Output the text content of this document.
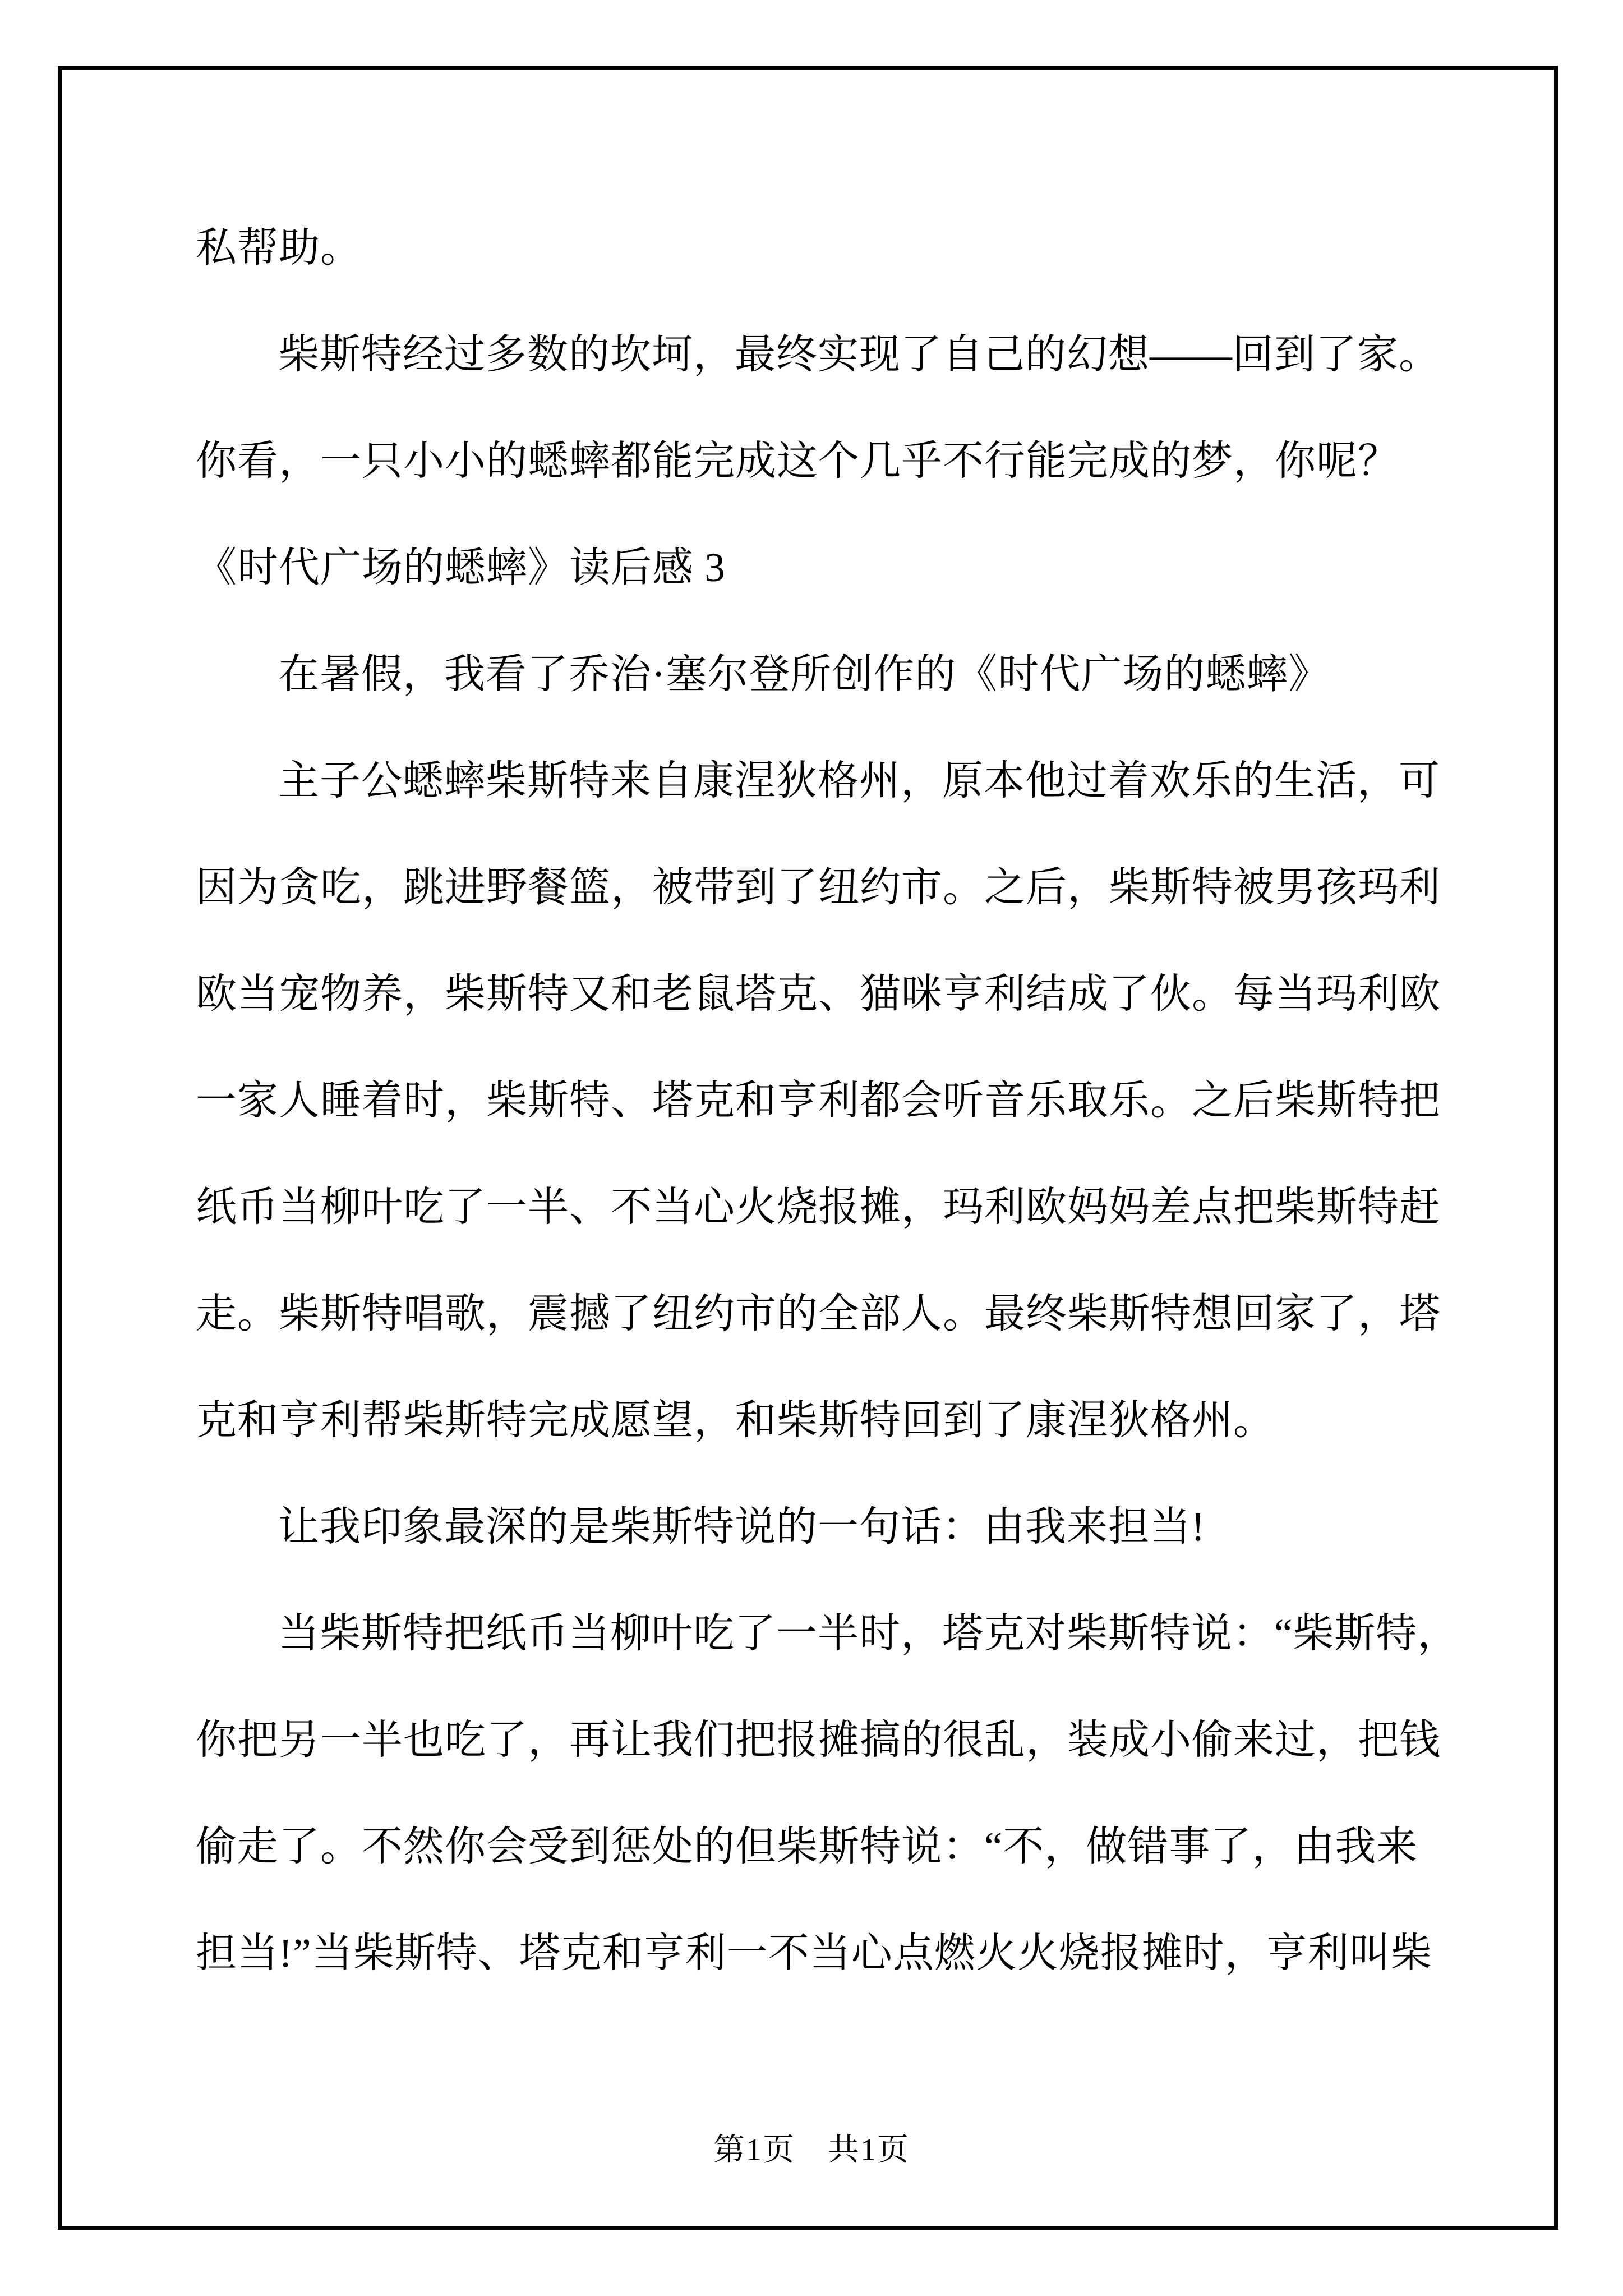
私帮助。
柴斯特经过多数的坎坷，最终实现了自己的幻想——回到了家。
你看，一只小小的蟋蟀都能完成这个几乎不行能完成的梦，你呢？
《时代广场的蟋蟀》读后感 3
在暑假，我看了乔治·塞尔登所创作的《时代广场的蟋蟀》
主子公蟋蟀柴斯特来自康涅狄格州，原本他过着欢乐的生活，可
因为贪吃，跳进野餐篮，被带到了纽约市。之后，柴斯特被男孩玛利
欧当宠物养，柴斯特又和老鼠塔克、猫咪亨利结成了伙。每当玛利欧
一家人睡着时，柴斯特、塔克和亨利都会听音乐取乐。之后柴斯特把
纸币当柳叶吃了一半、不当心火烧报摊，玛利欧妈妈差点把柴斯特赶
走。柴斯特唱歌，震撼了纽约市的全部人。最终柴斯特想回家了，塔
克和亨利帮柴斯特完成愿望，和柴斯特回到了康涅狄格州。
让我印象最深的是柴斯特说的一句话：由我来担当!
当柴斯特把纸币当柳叶吃了一半时，塔克对柴斯特说：“柴斯特，
你把另一半也吃了，再让我们把报摊搞的很乱，装成小偷来过，把钱
偷走了。不然你会受到惩处的但柴斯特说：“不，做错事了，由我来
担当!”当柴斯特、塔克和亨利一不当心点燃火火烧报摊时，亨利叫柴
第1页　共1页
